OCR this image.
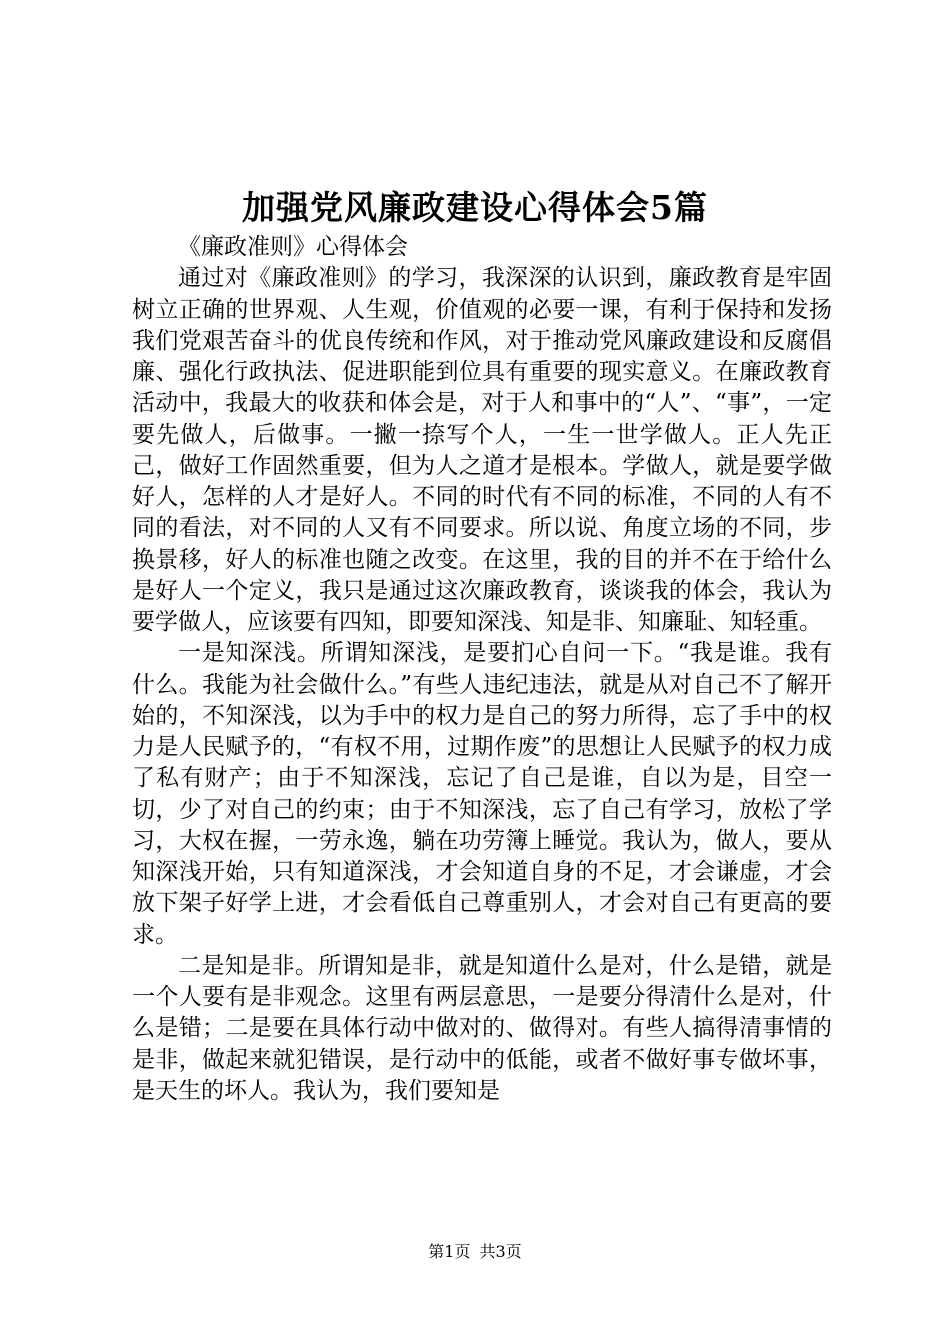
加强党风廉政建设心得体会5篇

《廉政准则》心得体会

通过对《廉政准则》的学习，我深深的认识到，廉政教育是牢固树立正确的世界观、人生观，价值观的必要一课，有利于保持和发扬我们党艰苦奋斗的优良传统和作风，对于推动党风廉政建设和反腐倡廉、强化行政执法、促进职能到位具有重要的现实意义。在廉政教育活动中，我最大的收获和体会是，对于人和事中的“人”、“事”，一定要先做人，后做事。一撇一捺写个人，一生一世学做人。正人先正己，做好工作固然重要，但为人之道才是根本。学做人，就是要学做好人，怎样的人才是好人。不同的时代有不同的标准，不同的人有不同的看法，对不同的人又有不同要求。所以说、角度立场的不同，步换景移，好人的标准也随之改变。在这里，我的目的并不在于给什么是好人一个定义，我只是通过这次廉政教育，谈谈我的体会，我认为要学做人，应该要有四知，即要知深浅、知是非、知廉耻、知轻重。

一是知深浅。所谓知深浅，是要扪心自问一下。“我是谁。我有什么。我能为社会做什么。”有些人违纪违法，就是从对自己不了解开始的，不知深浅，以为手中的权力是自己的努力所得，忘了手中的权力是人民赋予的，“有权不用，过期作废”的思想让人民赋予的权力成了私有财产；由于不知深浅，忘记了自己是谁，自以为是，目空一切，少了对自己的约束；由于不知深浅，忘了自己有学习，放松了学习，大权在握，一劳永逸，躺在功劳簿上睡觉。我认为，做人，要从知深浅开始，只有知道深浅，才会知道自身的不足，才会谦虚，才会放下架子好学上进，才会看低自己尊重别人，才会对自己有更高的要求。

二是知是非。所谓知是非，就是知道什么是对，什么是错，就是一个人要有是非观念。这里有两层意思，一是要分得清什么是对，什么是错；二是要在具体行动中做对的、做得对。有些人搞得清事情的是非，做起来就犯错误，是行动中的低能，或者不做好事专做坏事，是天生的坏人。我认为，我们要知是

第1页 共3页
